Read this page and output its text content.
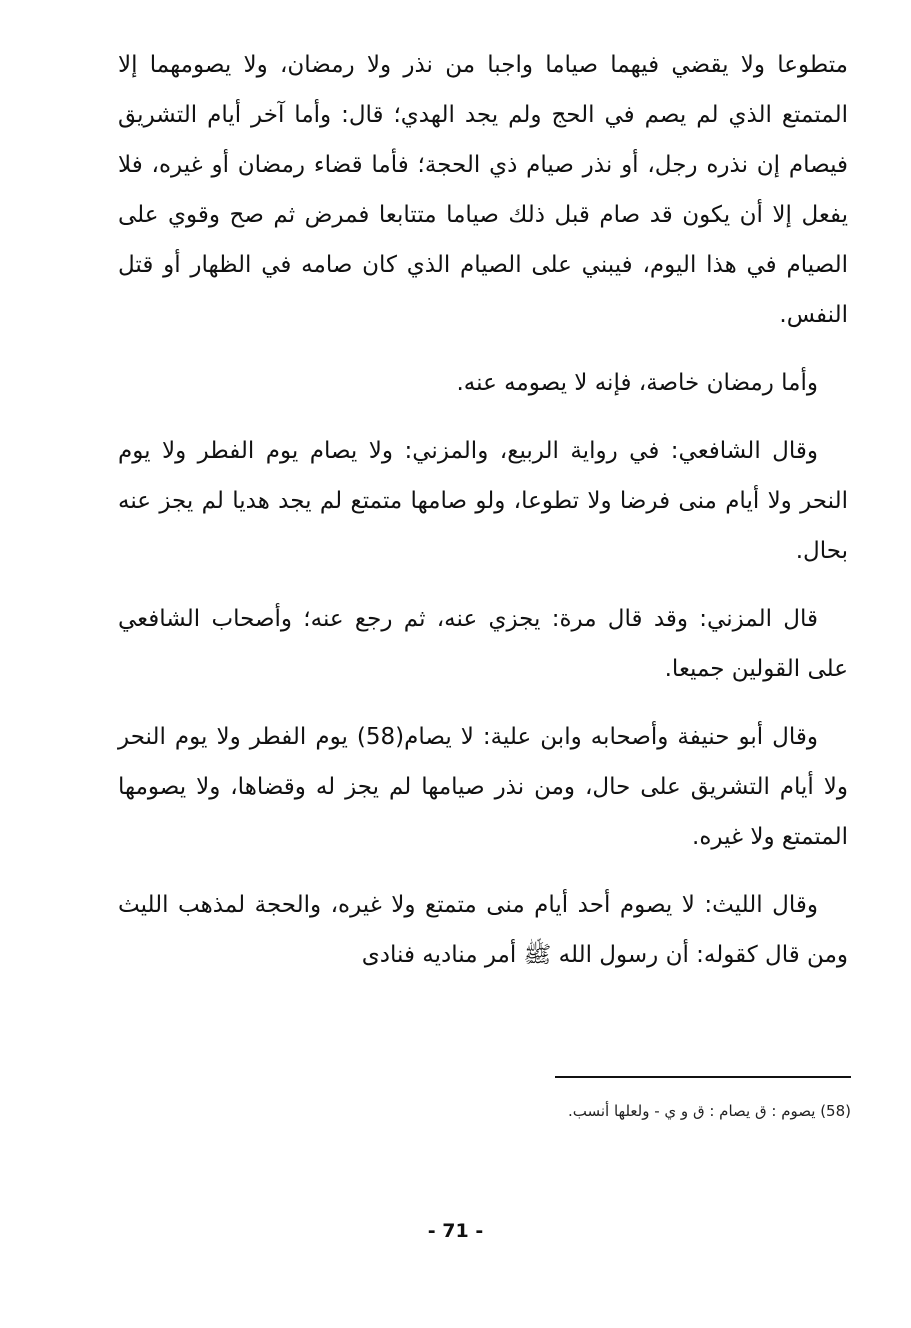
متطوعا ولا يقضي فيهما صياما واجبا من نذر ولا رمضان، ولا يصومهما إلا المتمتع الذي لم يصم في الحج ولم يجد الهدي؛ قال: وأما آخر أيام التشريق فيصام إن نذره رجل، أو نذر صيام ذي الحجة؛ فأما قضاء رمضان أو غيره، فلا يفعل إلا أن يكون قد صام قبل ذلك صياما متتابعا فمرض ثم صح وقوي على الصيام في هذا اليوم، فيبني على الصيام الذي كان صامه في الظهار أو قتل النفس.

وأما رمضان خاصة، فإنه لا يصومه عنه.

وقال الشافعي: في رواية الربيع، والمزني: ولا يصام يوم الفطر ولا يوم النحر ولا أيام منى فرضا ولا تطوعا، ولو صامها متمتع لم يجد هديا لم يجز عنه بحال.

قال المزني: وقد قال مرة: يجزي عنه، ثم رجع عنه؛ وأصحاب الشافعي على القولين جميعا.

وقال أبو حنيفة وأصحابه وابن علية: لا يصام(58) يوم الفطر ولا يوم النحر ولا أيام التشريق على حال، ومن نذر صيامها لم يجز له وقضاها، ولا يصومها المتمتع ولا غيره.

وقال الليث: لا يصوم أحد أيام منى متمتع ولا غيره، والحجة لمذهب الليث ومن قال كقوله: أن رسول الله ﷺ أمر مناديه فنادى

(58) يصوم : ق يصام : ق و ي - ولعلها أنسب.
- 71 -
